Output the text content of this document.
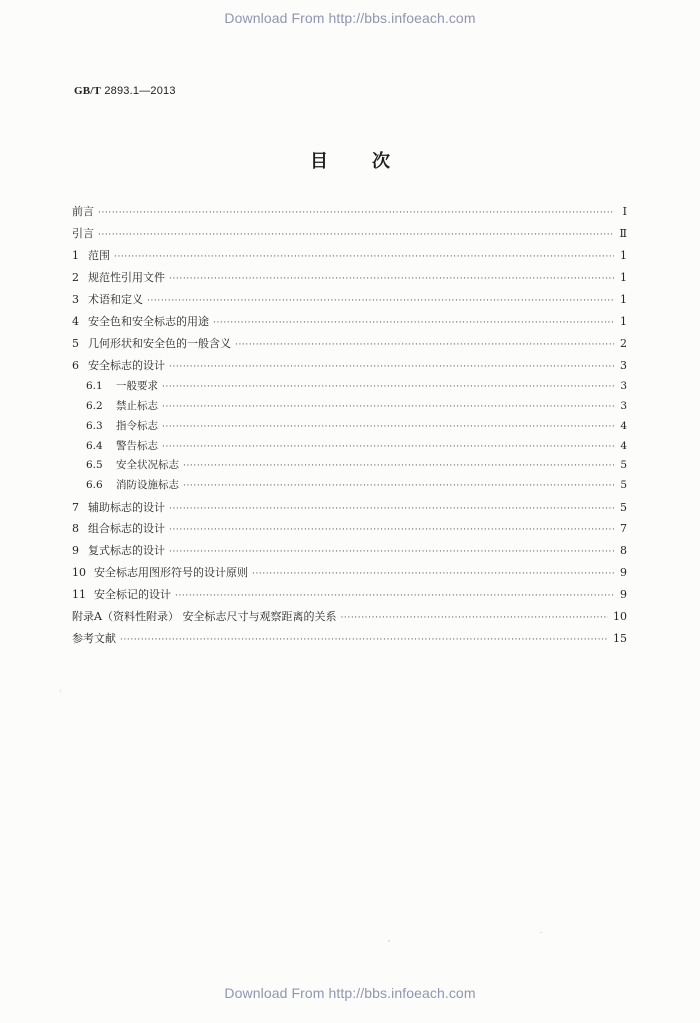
Download From http://bbs.infoeach.com
GB/T 2893.1—2013
目 次
前言 ·····	Ⅰ
引言 ·····	Ⅱ
1 范围 ·····	1
2 规范性引用文件 ·····	1
3 术语和定义 ·····	1
4 安全色和安全标志的用途 ·····	1
5 几何形状和安全色的一般含义 ·····	2
6 安全标志的设计 ·····	3
6.1 一般要求 ·····	3
6.2 禁止标志 ·····	3
6.3 指令标志 ·····	4
6.4 警告标志 ·····	4
6.5 安全状况标志 ·····	5
6.6 消防设施标志 ·····	5
7 辅助标志的设计 ·····	5
8 组合标志的设计 ·····	7
9 复式标志的设计 ·····	8
10 安全标志用图形符号的设计原则 ·····	9
11 安全标记的设计 ·····	9
附录A（资料性附录） 安全标志尺寸与观察距离的关系 ·····	10
参考文献 ·····	15
Download From http://bbs.infoeach.com
